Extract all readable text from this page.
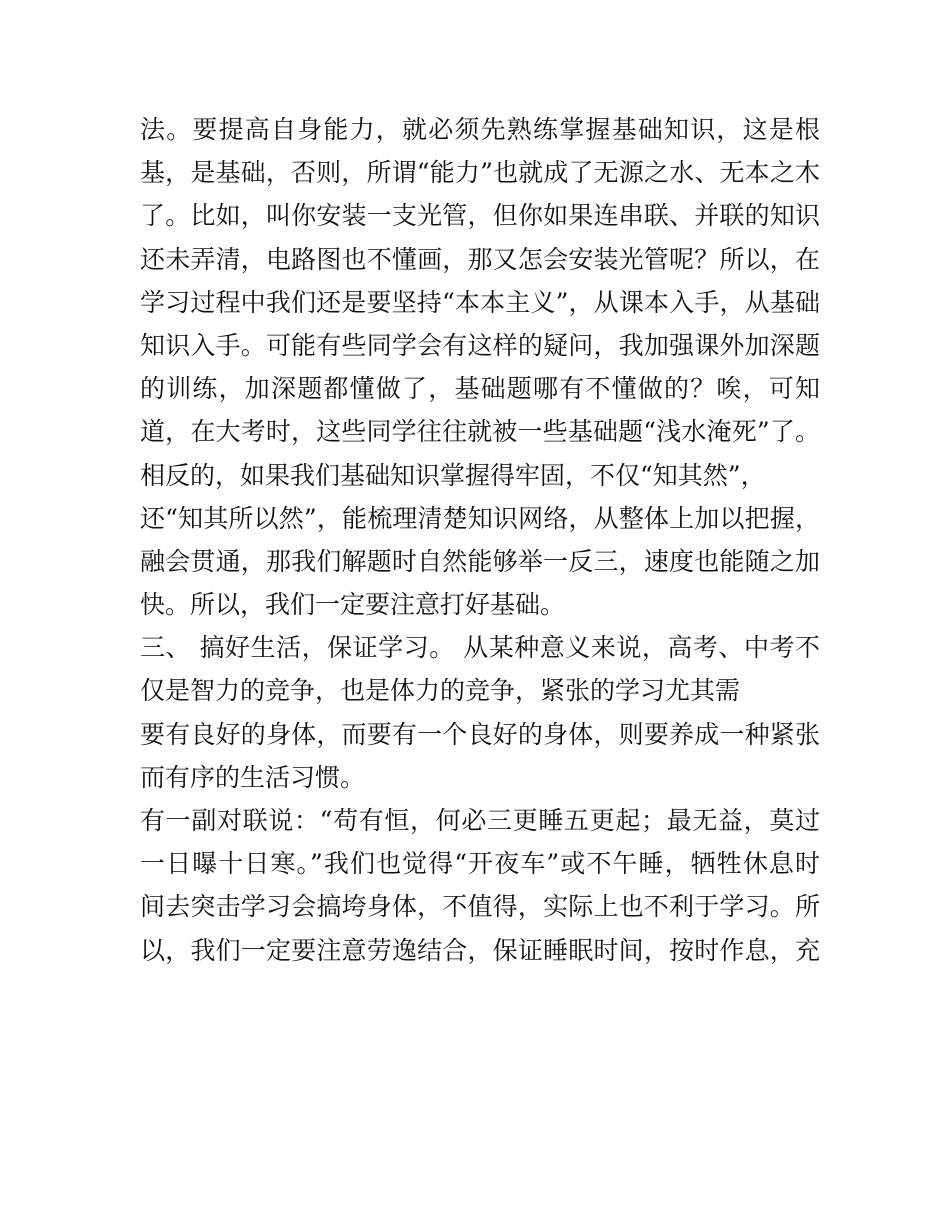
法。要提高自身能力，就必须先熟练掌握基础知识，这是根
基，是基础，否则，所谓“能力”也就成了无源之水、无本之木
了。比如，叫你安装一支光管，但你如果连串联、并联的知识
还未弄清，电路图也不懂画，那又怎会安装光管呢？所以，在
学习过程中我们还是要坚持“本本主义”，从课本入手，从基础
知识入手。可能有些同学会有这样的疑问，我加强课外加深题
的训练，加深题都懂做了，基础题哪有不懂做的？唉，可知
道，在大考时，这些同学往往就被一些基础题“浅水淹死”了。
相反的，如果我们基础知识掌握得牢固，不仅“知其然”，
还“知其所以然”，能梳理清楚知识网络，从整体上加以把握，
融会贯通，那我们解题时自然能够举一反三，速度也能随之加
快。所以，我们一定要注意打好基础。
三、 搞好生活，保证学习。 从某种意义来说，高考、中考不
仅是智力的竞争，也是体力的竞争，紧张的学习尤其需
要有良好的身体，而要有一个良好的身体，则要养成一种紧张
而有序的生活习惯。
有一副对联说：“苟有恒，何必三更睡五更起；最无益，莫过
一日曝十日寒。”我们也觉得“开夜车”或不午睡，牺牲休息时
间去突击学习会搞垮身体，不值得，实际上也不利于学习。所
以，我们一定要注意劳逸结合，保证睡眠时间，按时作息，充
